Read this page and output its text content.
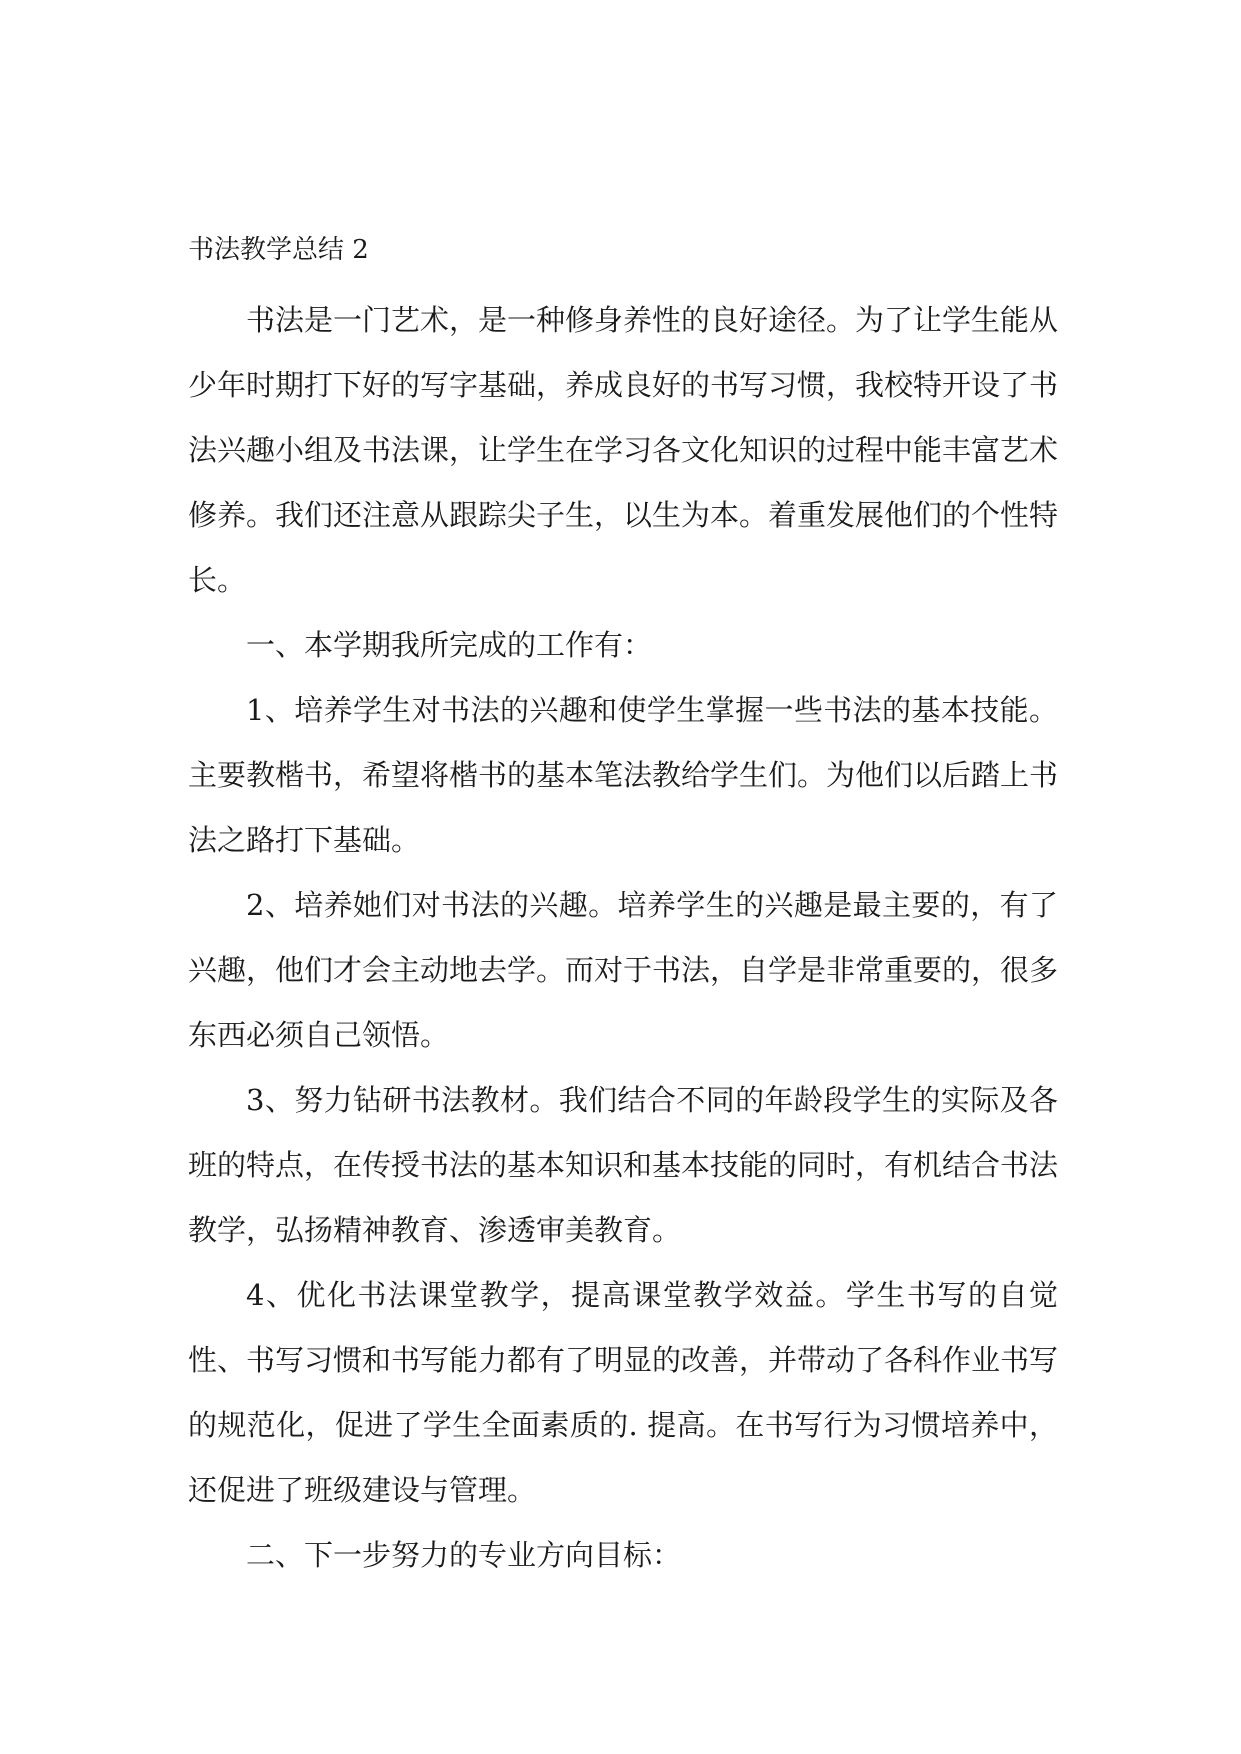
书法教学总结 2

书法是一门艺术，是一种修身养性的良好途径。为了让学生能从少年时期打下好的写字基础，养成良好的书写习惯，我校特开设了书法兴趣小组及书法课，让学生在学习各文化知识的过程中能丰富艺术修养。我们还注意从跟踪尖子生，以生为本。着重发展他们的个性特长。

一、本学期我所完成的工作有：

1、培养学生对书法的兴趣和使学生掌握一些书法的基本技能。主要教楷书，希望将楷书的基本笔法教给学生们。为他们以后踏上书法之路打下基础。

2、培养她们对书法的兴趣。培养学生的兴趣是最主要的，有了兴趣，他们才会主动地去学。而对于书法，自学是非常重要的，很多东西必须自己领悟。

3、努力钻研书法教材。我们结合不同的年龄段学生的实际及各班的特点，在传授书法的基本知识和基本技能的同时，有机结合书法教学，弘扬精神教育、渗透审美教育。

4、优化书法课堂教学，提高课堂教学效益。学生书写的自觉性、书写习惯和书写能力都有了明显的改善，并带动了各科作业书写的规范化，促进了学生全面素质的. 提高。在书写行为习惯培养中，还促进了班级建设与管理。

二、下一步努力的专业方向目标：
